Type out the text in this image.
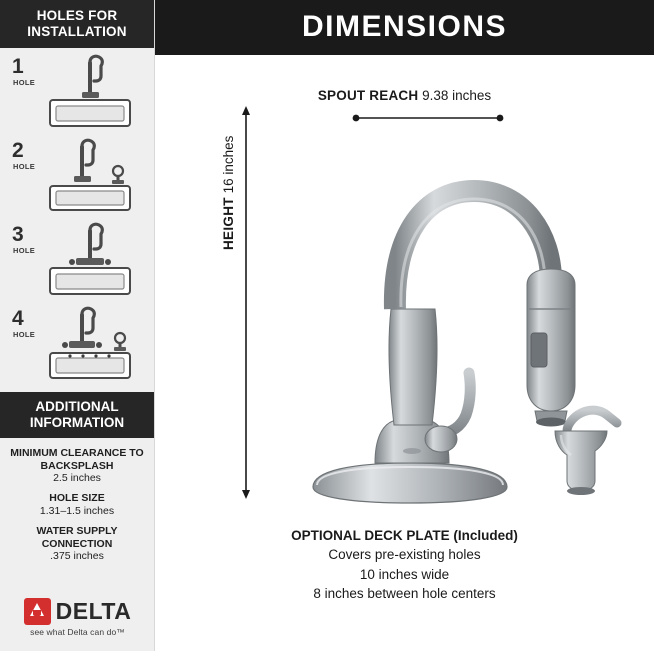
HOLES FOR INSTALLATION
1
HOLE
2
HOLE
3
HOLE
4
HOLE
ADDITIONAL INFORMATION
MINIMUM CLEARANCE TO BACKSPLASH
2.5 inches
HOLE SIZE
1.31–1.5 inches
WATER SUPPLY CONNECTION
.375 inches
DELTA
see what Delta can do™
DIMENSIONS
SPOUT REACH 9.38 inches
HEIGHT 16 inches
OPTIONAL DECK PLATE (Included)
Covers pre-existing holes
10 inches wide
8 inches between hole centers
